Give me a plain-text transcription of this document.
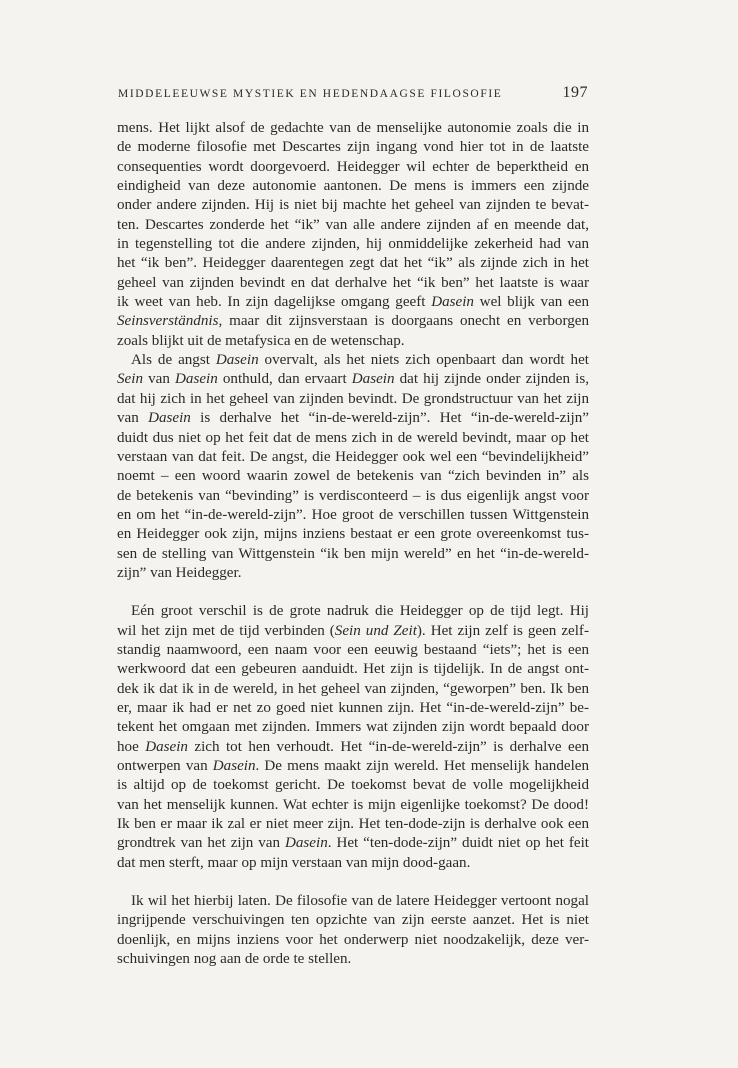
MIDDELEEUWSE MYSTIEK EN HEDENDAAGSE FILOSOFIE	197

mens. Het lijkt alsof de gedachte van de menselijke autonomie zoals die in
de moderne filosofie met Descartes zijn ingang vond hier tot in de laatste
consequenties wordt doorgevoerd. Heidegger wil echter de beperktheid en
eindigheid van deze autonomie aantonen. De mens is immers een zijnde
onder andere zijnden. Hij is niet bij machte het geheel van zijnden te bevat-
ten. Descartes zonderde het “ik” van alle andere zijnden af en meende dat,
in tegenstelling tot die andere zijnden, hij onmiddelijke zekerheid had van
het “ik ben”. Heidegger daarentegen zegt dat het “ik” als zijnde zich in het
geheel van zijnden bevindt en dat derhalve het “ik ben” het laatste is waar
ik weet van heb. In zijn dagelijkse omgang geeft Dasein wel blijk van een
Seinsverständnis, maar dit zijnsverstaan is doorgaans onecht en verborgen
zoals blijkt uit de metafysica en de wetenschap.

Als de angst Dasein overvalt, als het niets zich openbaart dan wordt het
Sein van Dasein onthuld, dan ervaart Dasein dat hij zijnde onder zijnden is,
dat hij zich in het geheel van zijnden bevindt. De grondstructuur van het zijn
van Dasein is derhalve het “in-de-wereld-zijn”. Het “in-de-wereld-zijn”
duidt dus niet op het feit dat de mens zich in de wereld bevindt, maar op het
verstaan van dat feit. De angst, die Heidegger ook wel een “bevindelijkheid”
noemt – een woord waarin zowel de betekenis van “zich bevinden in” als
de betekenis van “bevinding” is verdisconteerd – is dus eigenlijk angst voor
en om het “in-de-wereld-zijn”. Hoe groot de verschillen tussen Wittgenstein
en Heidegger ook zijn, mijns inziens bestaat er een grote overeenkomst tus-
sen de stelling van Wittgenstein “ik ben mijn wereld” en het “in-de-wereld-
zijn” van Heidegger.

Eén groot verschil is de grote nadruk die Heidegger op de tijd legt. Hij
wil het zijn met de tijd verbinden (Sein und Zeit). Het zijn zelf is geen zelf-
standig naamwoord, een naam voor een eeuwig bestaand “iets”; het is een
werkwoord dat een gebeuren aanduidt. Het zijn is tijdelijk. In de angst ont-
dek ik dat ik in de wereld, in het geheel van zijnden, “geworpen” ben. Ik ben
er, maar ik had er net zo goed niet kunnen zijn. Het “in-de-wereld-zijn” be-
tekent het omgaan met zijnden. Immers wat zijnden zijn wordt bepaald door
hoe Dasein zich tot hen verhoudt. Het “in-de-wereld-zijn” is derhalve een
ontwerpen van Dasein. De mens maakt zijn wereld. Het menselijk handelen
is altijd op de toekomst gericht. De toekomst bevat de volle mogelijkheid
van het menselijk kunnen. Wat echter is mijn eigenlijke toekomst? De dood!
Ik ben er maar ik zal er niet meer zijn. Het ten-dode-zijn is derhalve ook een
grondtrek van het zijn van Dasein. Het “ten-dode-zijn” duidt niet op het feit
dat men sterft, maar op mijn verstaan van mijn dood-gaan.

Ik wil het hierbij laten. De filosofie van de latere Heidegger vertoont nogal
ingrijpende verschuivingen ten opzichte van zijn eerste aanzet. Het is niet
doenlijk, en mijns inziens voor het onderwerp niet noodzakelijk, deze ver-
schuivingen nog aan de orde te stellen.
